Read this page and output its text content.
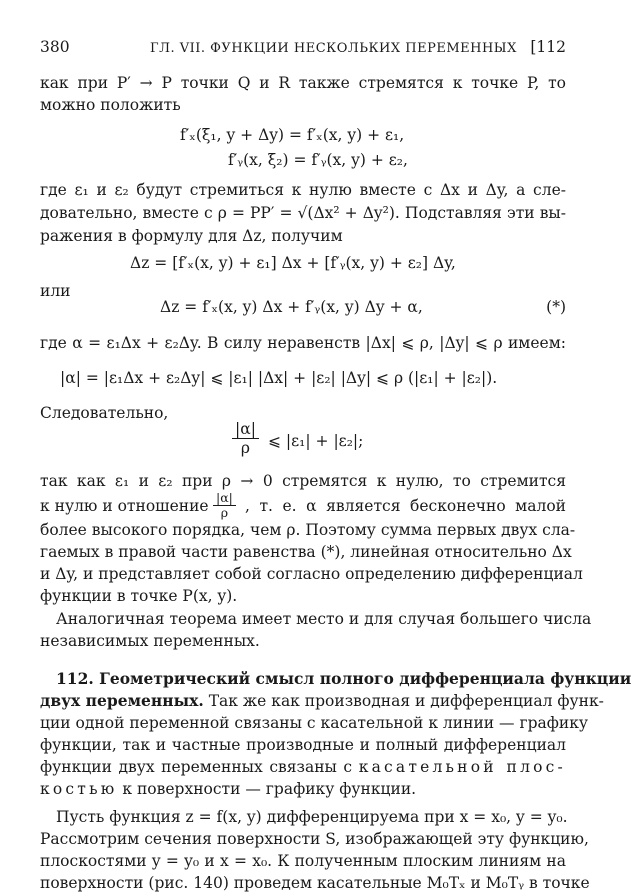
380	ГЛ. VII. ФУНКЦИИ НЕСКОЛЬКИХ ПЕРЕМЕННЫХ [112
как при P′ → P точки Q и R также стремятся к точке P, то
можно положить
f′ₓ(ξ₁, y + Δy) = f′ₓ(x, y) + ε₁,
f′ᵧ(x, ξ₂) = f′ᵧ(x, y) + ε₂,
где ε₁ и ε₂ будут стремиться к нулю вместе с Δx и Δy, а сле-
довательно, вместе с ρ = PP′ = √(Δx² + Δy²). Подставляя эти вы-
ражения в формулу для Δz, получим
Δz = [f′ₓ(x, y) + ε₁] Δx + [f′ᵧ(x, y) + ε₂] Δy,
или
Δz = f′ₓ(x, y) Δx + f′ᵧ(x, y) Δy + α,	(*)
где α = ε₁Δx + ε₂Δy. В силу неравенств |Δx| ⩽ ρ, |Δy| ⩽ ρ имеем:
|α| = |ε₁Δx + ε₂Δy| ⩽ |ε₁| |Δx| + |ε₂| |Δy| ⩽ ρ (|ε₁| + |ε₂|).
Следовательно,
$\frac{|\alpha|}{\rho}$ ⩽ |ε₁| + |ε₂|;
так как ε₁ и ε₂ при ρ → 0 стремятся к нулю, то стремится
к нулю и отношение $\frac{|\alpha|}{\rho}$ , т. е. α является бесконечно малой
более высокого порядка, чем ρ. Поэтому сумма первых двух сла-
гаемых в правой части равенства (*), линейная относительно Δx
и Δy, и представляет собой согласно определению дифференциал
функции в точке P(x, y).
Аналогичная теорема имеет место и для случая большего числа
независимых переменных.
112. Геометрический смысл полного дифференциала функции
двух переменных. Так же как производная и дифференциал функ-
ции одной переменной связаны с касательной к линии — графику
функции, так и частные производные и полный дифференциал
функции двух переменных связаны с касательной плос-
костью к поверхности — графику функции.
Пусть функция z = f(x, y) дифференцируема при x = x₀, y = y₀.
Рассмотрим сечения поверхности S, изображающей эту функцию,
плоскостями y = y₀ и x = x₀. К полученным плоским линиям на
поверхности (рис. 140) проведем касательные M₀Tₓ и M₀Tᵧ в точке
